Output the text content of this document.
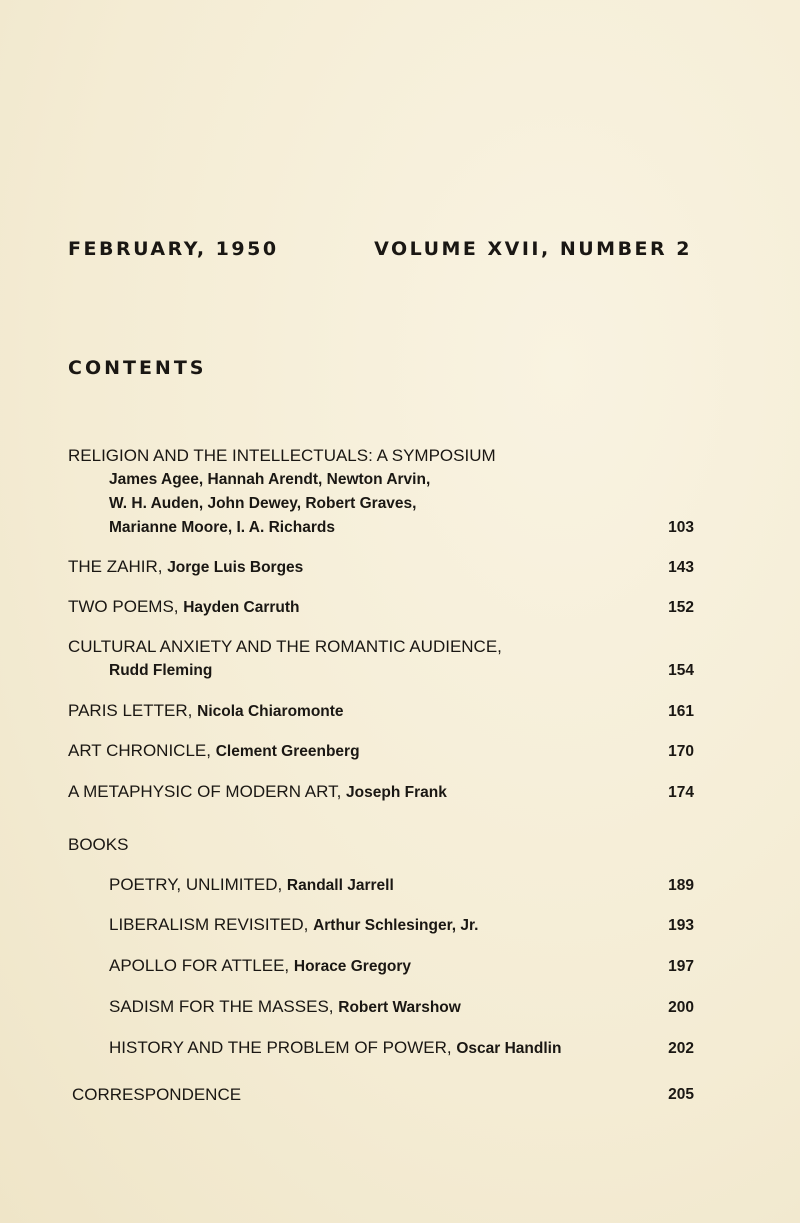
FEBRUARY, 1950	VOLUME XVII, NUMBER 2
CONTENTS
RELIGION AND THE INTELLECTUALS: A SYMPOSIUM
James Agee, Hannah Arendt, Newton Arvin,
W. H. Auden, John Dewey, Robert Graves,
Marianne Moore, I. A. Richards	103
THE ZAHIR, Jorge Luis Borges	143
TWO POEMS, Hayden Carruth	152
CULTURAL ANXIETY AND THE ROMANTIC AUDIENCE,
Rudd Fleming	154
PARIS LETTER, Nicola Chiaromonte	161
ART CHRONICLE, Clement Greenberg	170
A METAPHYSIC OF MODERN ART, Joseph Frank	174
BOOKS
POETRY, UNLIMITED, Randall Jarrell	189
LIBERALISM REVISITED, Arthur Schlesinger, Jr.	193
APOLLO FOR ATTLEE, Horace Gregory	197
SADISM FOR THE MASSES, Robert Warshow	200
HISTORY AND THE PROBLEM OF POWER, Oscar Handlin	202
CORRESPONDENCE	205
